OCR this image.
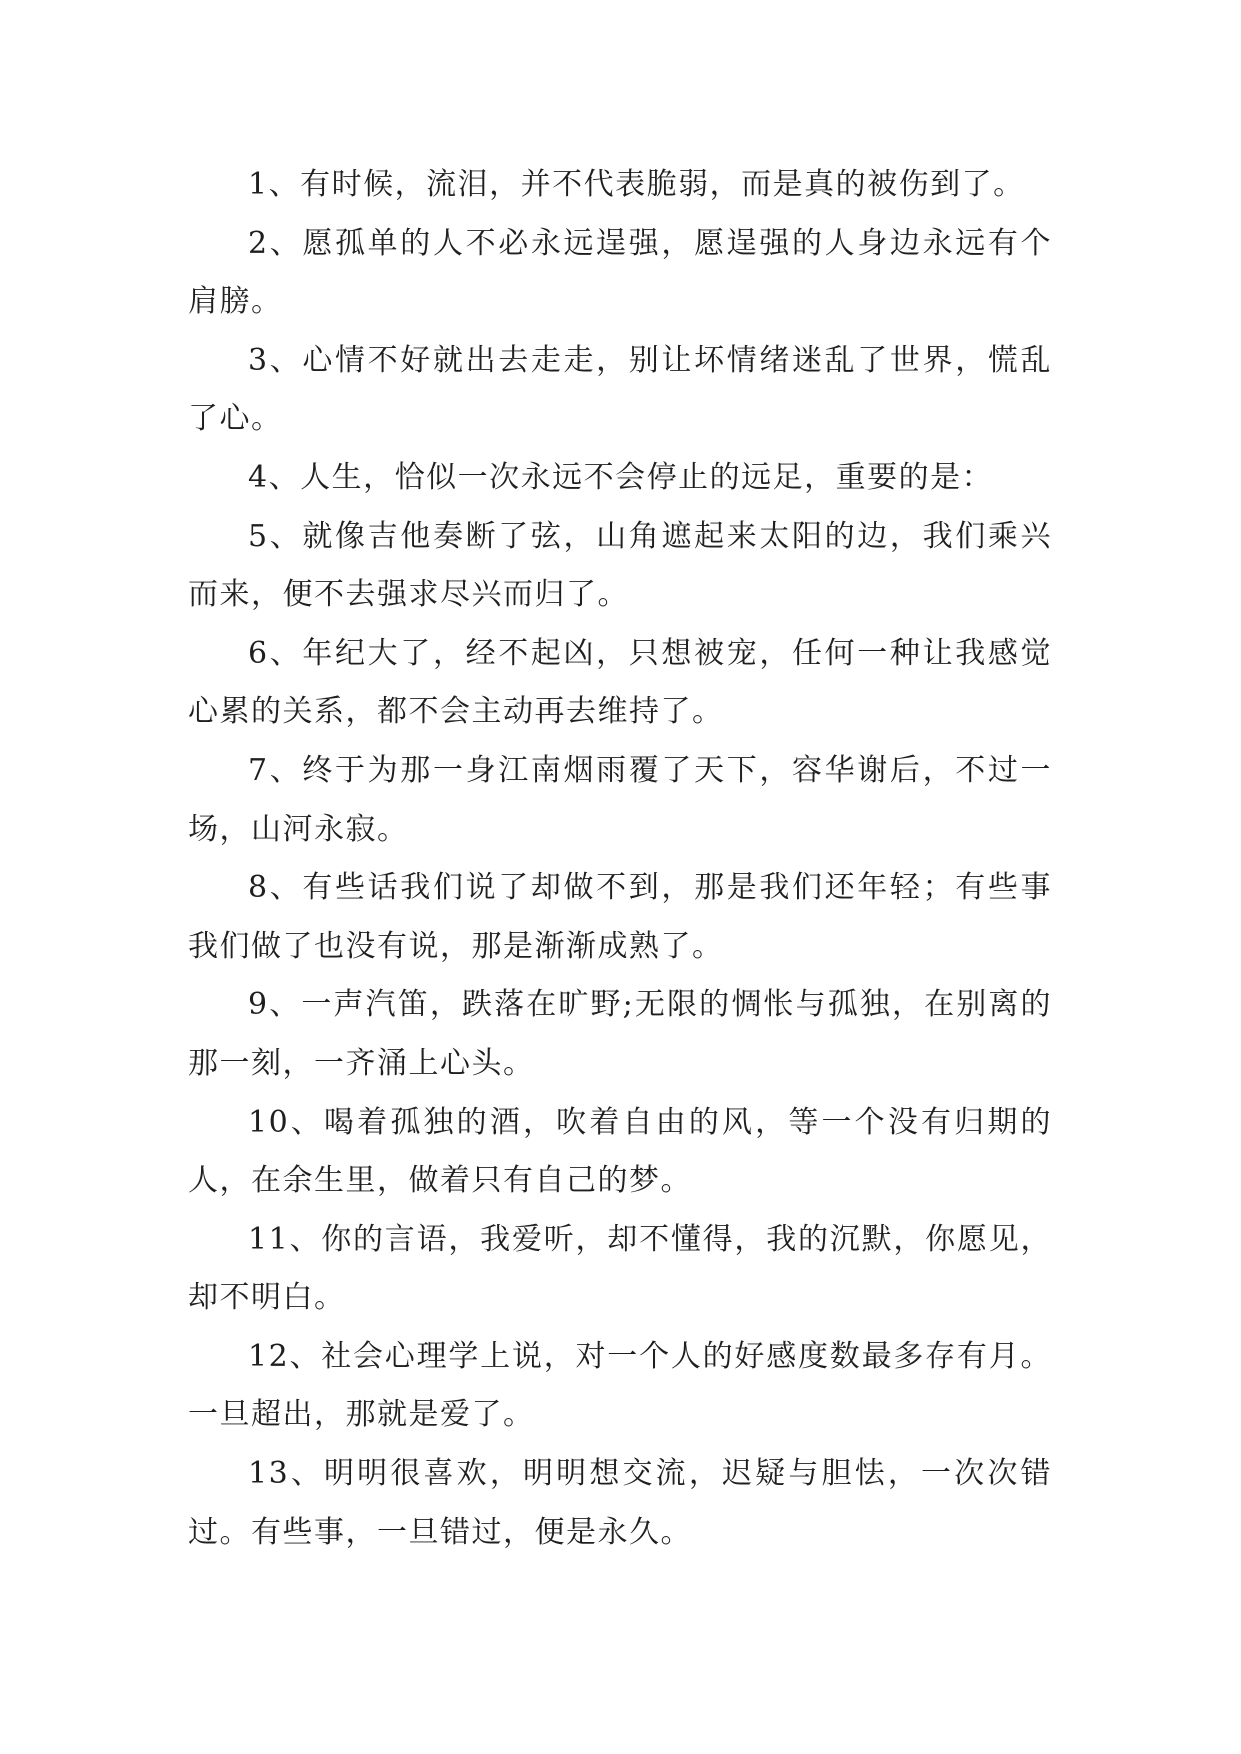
1、有时候，流泪，并不代表脆弱，而是真的被伤到了。

2、愿孤单的人不必永远逞强，愿逞强的人身边永远有个肩膀。

3、心情不好就出去走走，别让坏情绪迷乱了世界，慌乱了心。

4、人生，恰似一次永远不会停止的远足，重要的是：

5、就像吉他奏断了弦，山角遮起来太阳的边，我们乘兴而来，便不去强求尽兴而归了。

6、年纪大了，经不起凶，只想被宠，任何一种让我感觉心累的关系，都不会主动再去维持了。

7、终于为那一身江南烟雨覆了天下，容华谢后，不过一场，山河永寂。

8、有些话我们说了却做不到，那是我们还年轻；有些事我们做了也没有说，那是渐渐成熟了。

9、一声汽笛，跌落在旷野;无限的惆怅与孤独，在别离的那一刻，一齐涌上心头。

10、喝着孤独的酒，吹着自由的风，等一个没有归期的人，在余生里，做着只有自己的梦。

11、你的言语，我爱听，却不懂得，我的沉默，你愿见，却不明白。

12、社会心理学上说，对一个人的好感度数最多存有月。一旦超出，那就是爱了。

13、明明很喜欢，明明想交流，迟疑与胆怯，一次次错过。有些事，一旦错过，便是永久。
